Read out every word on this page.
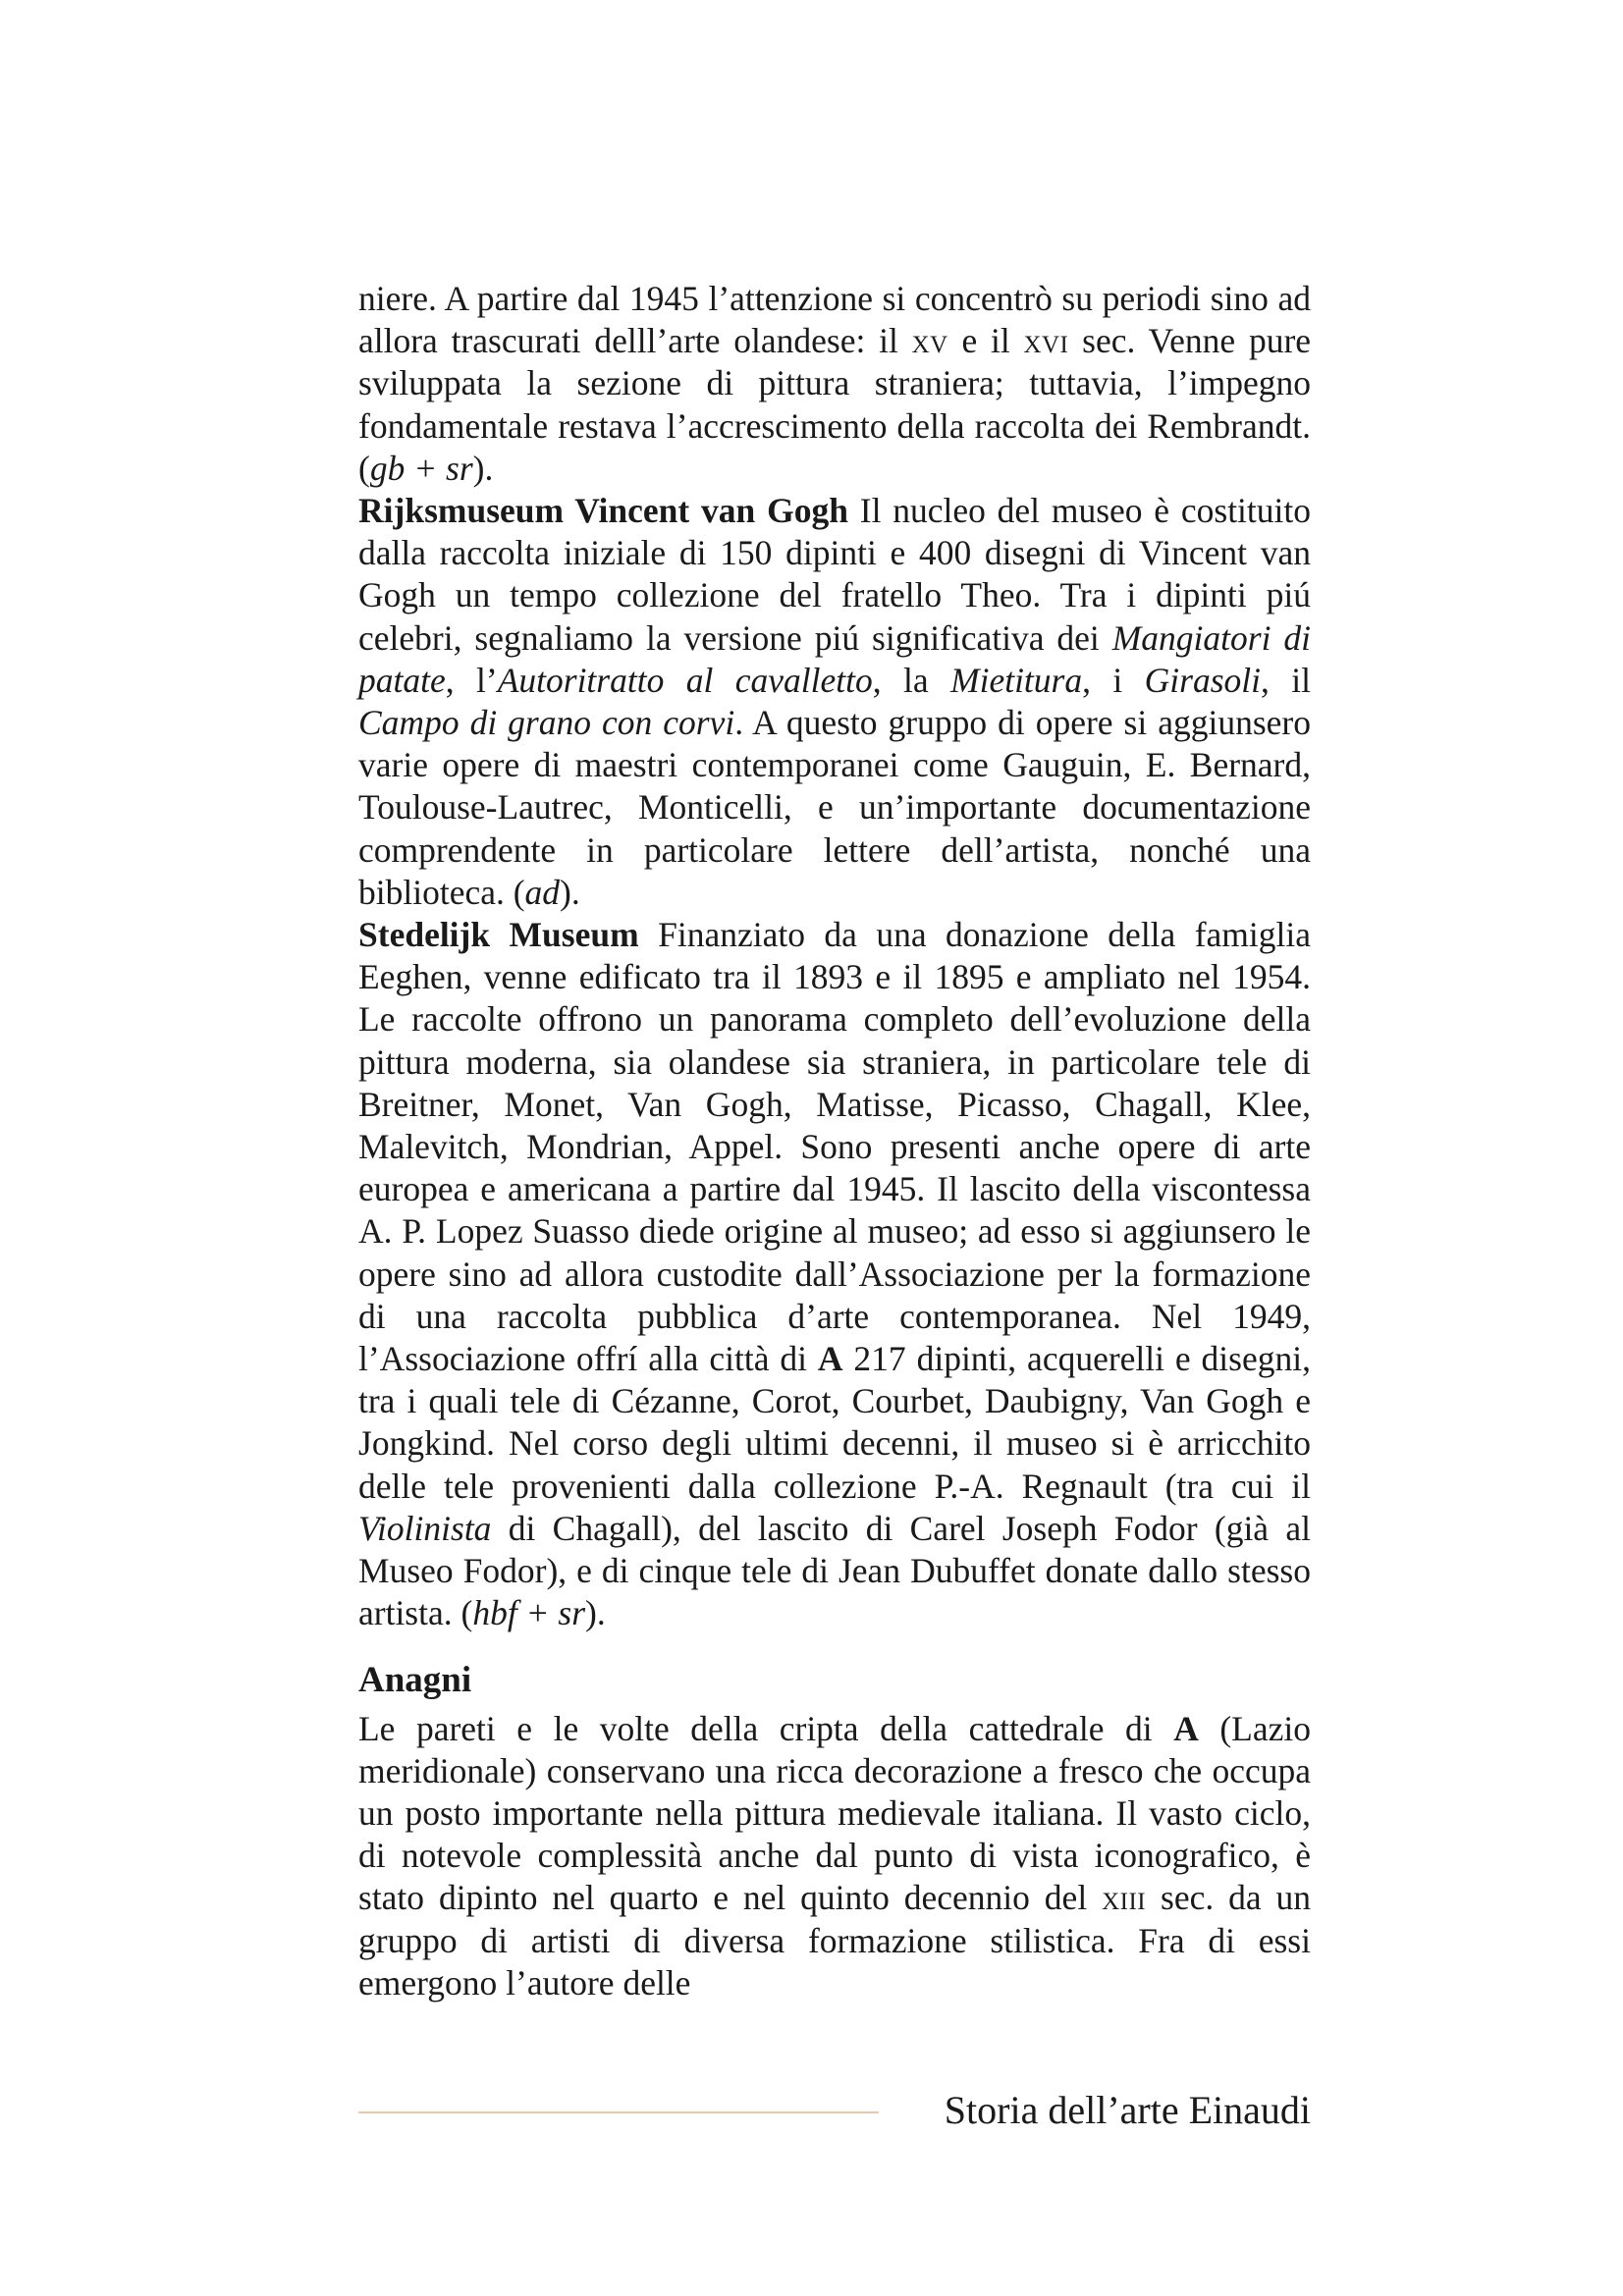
niere. A partire dal 1945 l’attenzione si concentrò su periodi sino ad allora trascurati delll’arte olandese: il xv e il xvi sec. Venne pure sviluppata la sezione di pittura straniera; tuttavia, l’impegno fondamentale restava l’accrescimento della raccolta dei Rembrandt. (gb + sr).

Rijksmuseum Vincent van Gogh Il nucleo del museo è costituito dalla raccolta iniziale di 150 dipinti e 400 disegni di Vincent van Gogh un tempo collezione del fratello Theo. Tra i dipinti piú celebri, segnaliamo la versione piú significativa dei Mangiatori di patate, l’Autoritratto al cavalletto, la Mietitura, i Girasoli, il Campo di grano con corvi. A questo gruppo di opere si aggiunsero varie opere di maestri contemporanei come Gauguin, E. Bernard, Toulouse-Lautrec, Monticelli, e un’importante documentazione comprendente in particolare lettere dell’artista, nonché una biblioteca. (ad).

Stedelijk Museum Finanziato da una donazione della famiglia Eeghen, venne edificato tra il 1893 e il 1895 e ampliato nel 1954. Le raccolte offrono un panorama completo dell’evoluzione della pittura moderna, sia olandese sia straniera, in particolare tele di Breitner, Monet, Van Gogh, Matisse, Picasso, Chagall, Klee, Malevitch, Mondrian, Appel. Sono presenti anche opere di arte europea e americana a partire dal 1945. Il lascito della viscontessa A. P. Lopez Suasso diede origine al museo; ad esso si aggiunsero le opere sino ad allora custodite dall’Associazione per la formazione di una raccolta pubblica d’arte contemporanea. Nel 1949, l’Associazione offrí alla città di A 217 dipinti, acquerelli e disegni, tra i quali tele di Cézanne, Corot, Courbet, Daubigny, Van Gogh e Jongkind. Nel corso degli ultimi decenni, il museo si è arricchito delle tele provenienti dalla collezione P.-A. Regnault (tra cui il Violinista di Chagall), del lascito di Carel Joseph Fodor (già al Museo Fodor), e di cinque tele di Jean Dubuffet donate dallo stesso artista. (hbf + sr).

Anagni

Le pareti e le volte della cripta della cattedrale di A (Lazio meridionale) conservano una ricca decorazione a fresco che occupa un posto importante nella pittura medievale italiana. Il vasto ciclo, di notevole complessità anche dal punto di vista iconografico, è stato dipinto nel quarto e nel quinto decennio del xiii sec. da un gruppo di artisti di diversa formazione stilistica. Fra di essi emergono l’autore delle

Storia dell’arte Einaudi
